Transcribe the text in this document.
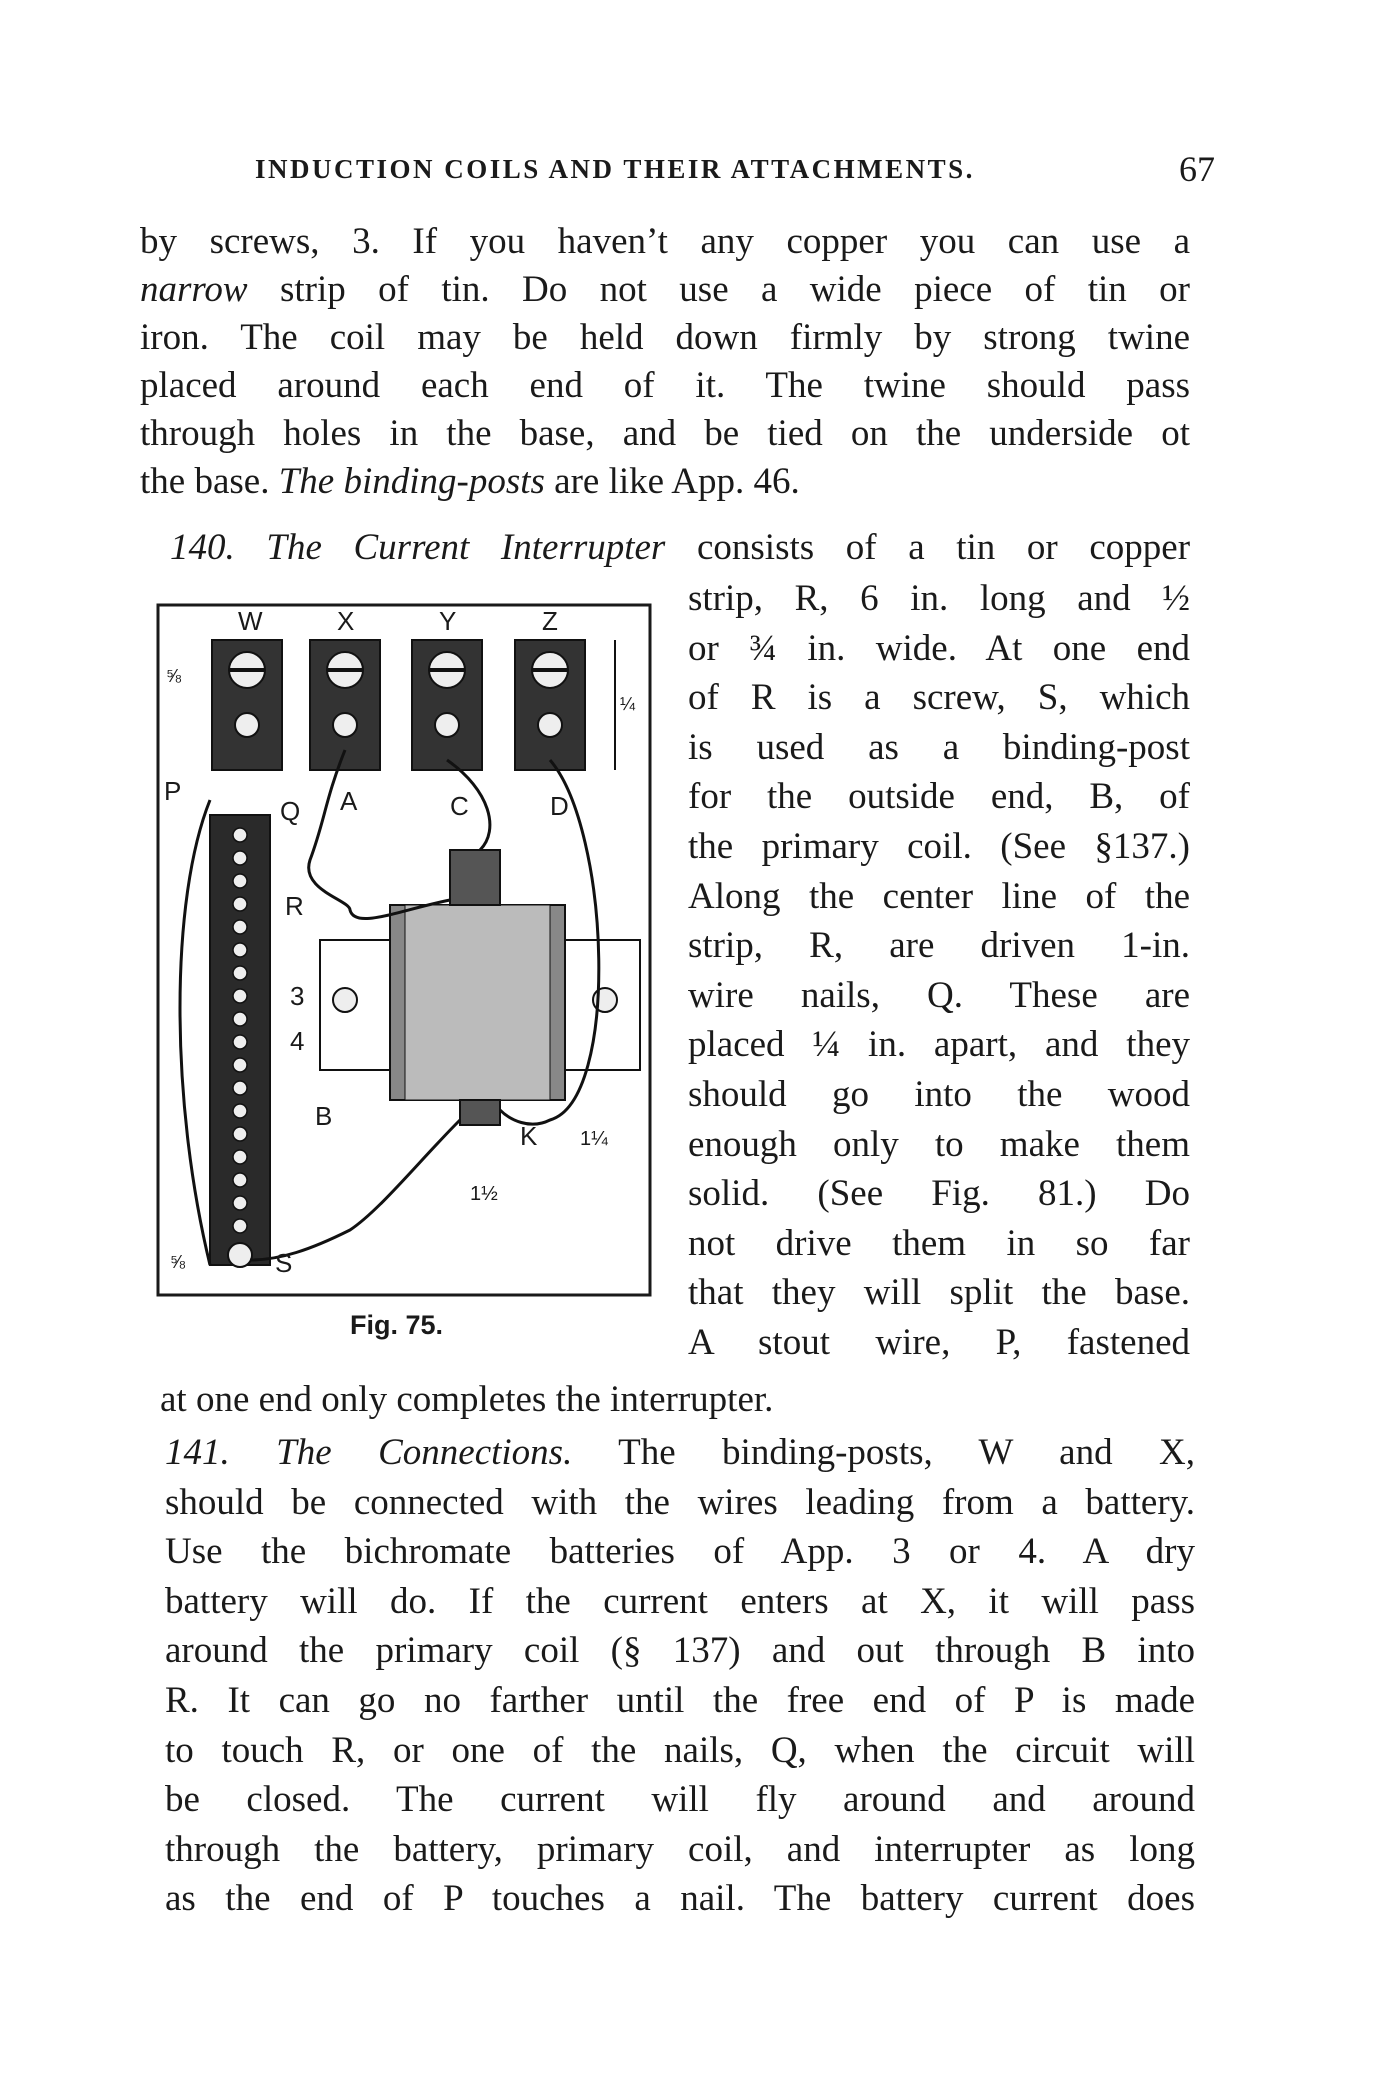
INDUCTION COILS AND THEIR ATTACHMENTS.	67
by screws, 3. If you haven’t any copper you can use a
narrow strip of tin. Do not use a wide piece of tin or
iron. The coil may be held down firmly by strong twine
placed around each end of it. The twine should pass
through holes in the base, and be tied on the underside ot
the base. The binding-posts are like App. 46.
140. The Current Interrupter consists of a tin or copper
strip, R, 6 in. long and ½
or ¾ in. wide. At one end
of R is a screw, S, which
is used as a binding-post
for the outside end, B, of
the primary coil. (See §137.)
Along the center line of the
strip, R, are driven 1-in.
wire nails, Q. These are
placed ¼ in. apart, and they
should go into the wood
enough only to make them
solid. (See Fig. 81.) Do
not drive them in so far
that they will split the base.
A stout wire, P, fastened
at one end only completes the interrupter.
W	X	Y	Z
¼
⅝
P
Q A	C	D
R
3
4
B
S
K 1¼
1½
⅝
Fig. 75.
141. The Connections. The binding-posts, W and X,
should be connected with the wires leading from a battery.
Use the bichromate batteries of App. 3 or 4. A dry
battery will do. If the current enters at X, it will pass
around the primary coil (§ 137) and out through B into
R. It can go no farther until the free end of P is made
to touch R, or one of the nails, Q, when the circuit will
be closed. The current will fly around and around
through the battery, primary coil, and interrupter as long
as the end of P touches a nail. The battery current does
